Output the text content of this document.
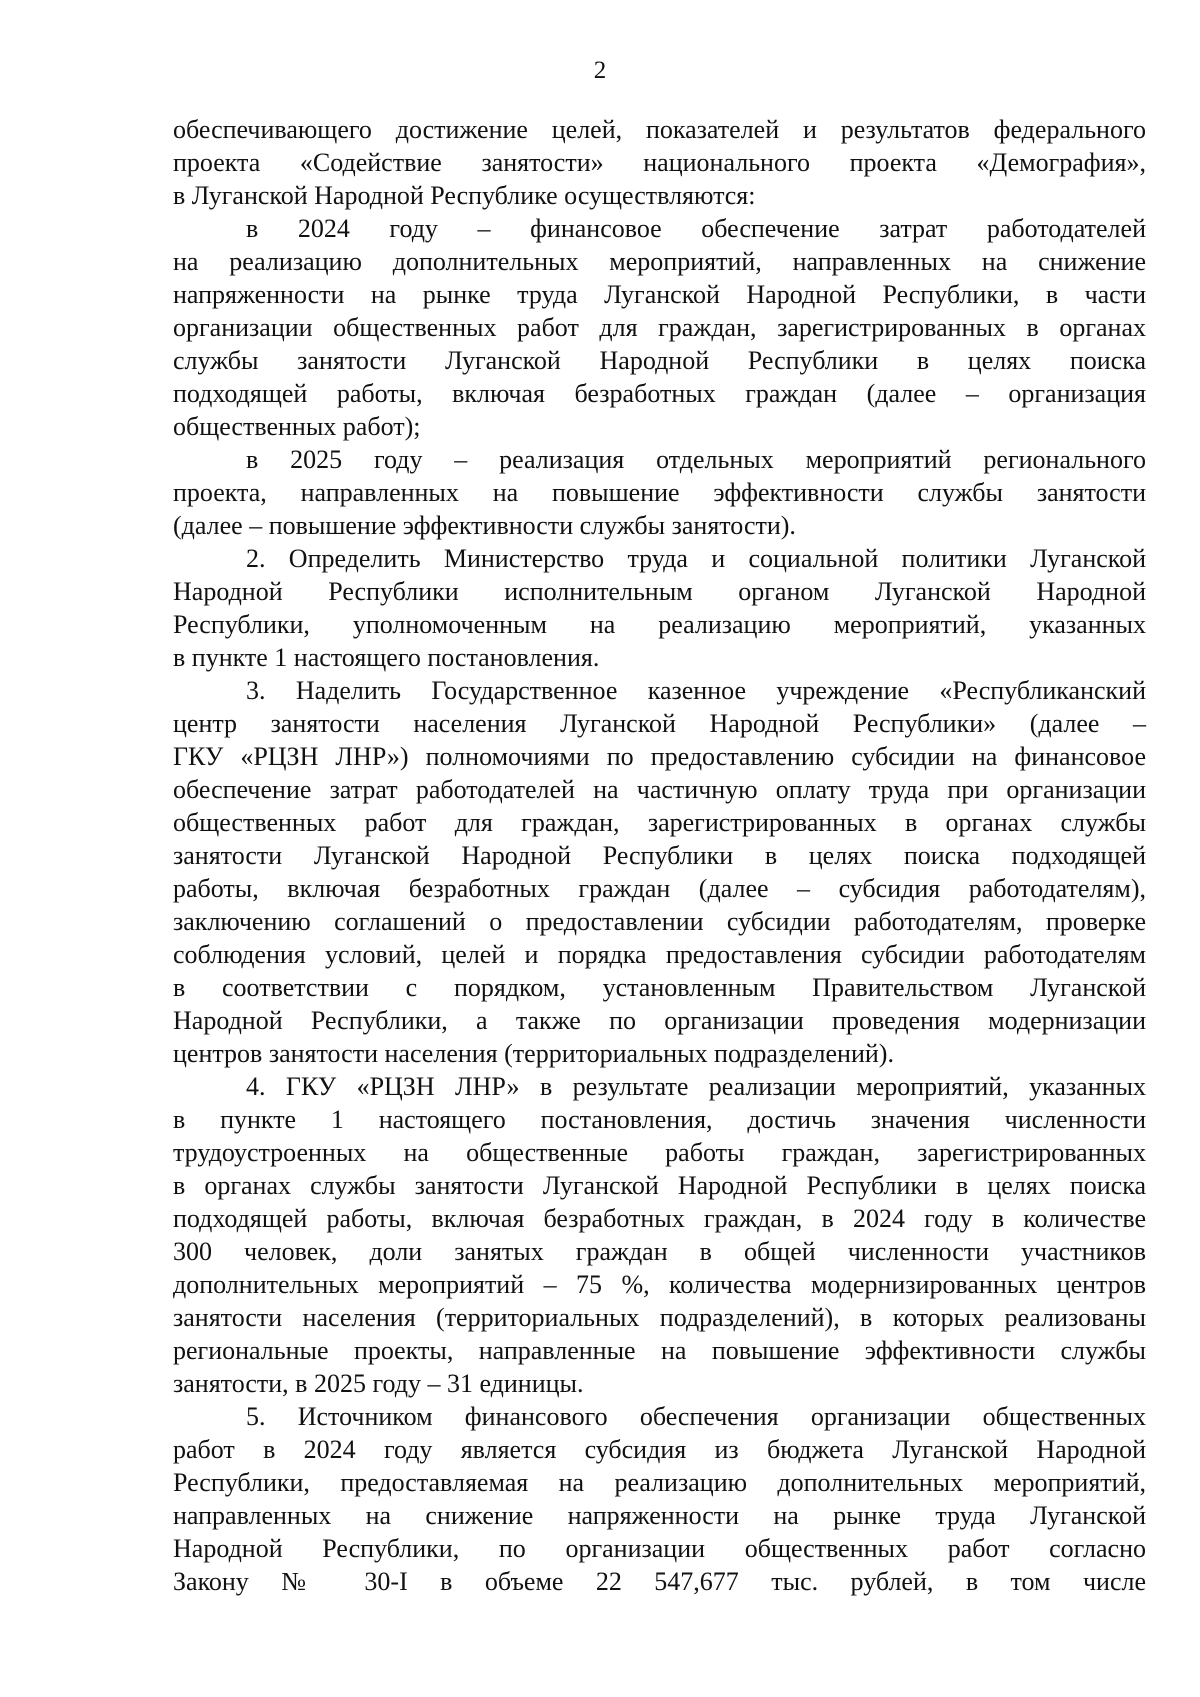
2
обеспечивающего достижение целей, показателей и результатов федерального
проекта «Содействие занятости» национального проекта «Демография»,
в Луганской Народной Республике осуществляются:
в 2024 году – финансовое обеспечение затрат работодателей
на реализацию дополнительных мероприятий, направленных на снижение
напряженности на рынке труда Луганской Народной Республики, в части
организации общественных работ для граждан, зарегистрированных в органах
службы занятости Луганской Народной Республики в целях поиска
подходящей работы, включая безработных граждан (далее – организация
общественных работ);
в 2025 году – реализация отдельных мероприятий регионального
проекта, направленных на повышение эффективности службы занятости
(далее – повышение эффективности службы занятости).
2. Определить Министерство труда и социальной политики Луганской
Народной Республики исполнительным органом Луганской Народной
Республики, уполномоченным на реализацию мероприятий, указанных
в пункте 1 настоящего постановления.
3. Наделить Государственное казенное учреждение «Республиканский
центр занятости населения Луганской Народной Республики» (далее –
ГКУ «РЦЗН ЛНР») полномочиями по предоставлению субсидии на финансовое
обеспечение затрат работодателей на частичную оплату труда при организации
общественных работ для граждан, зарегистрированных в органах службы
занятости Луганской Народной Республики в целях поиска подходящей
работы, включая безработных граждан (далее – субсидия работодателям),
заключению соглашений о предоставлении субсидии работодателям, проверке
соблюдения условий, целей и порядка предоставления субсидии работодателям
в соответствии с порядком, установленным Правительством Луганской
Народной Республики, а также по организации проведения модернизации
центров занятости населения (территориальных подразделений).
4. ГКУ «РЦЗН ЛНР» в результате реализации мероприятий, указанных
в пункте 1 настоящего постановления, достичь значения численности
трудоустроенных на общественные работы граждан, зарегистрированных
в органах службы занятости Луганской Народной Республики в целях поиска
подходящей работы, включая безработных граждан, в 2024 году в количестве
300 человек, доли занятых граждан в общей численности участников
дополнительных мероприятий – 75 %, количества модернизированных центров
занятости населения (территориальных подразделений), в которых реализованы
региональные проекты, направленные на повышение эффективности службы
занятости, в 2025 году – 31 единицы.
5. Источником финансового обеспечения организации общественных
работ в 2024 году является субсидия из бюджета Луганской Народной
Республики, предоставляемая на реализацию дополнительных мероприятий,
направленных на снижение напряженности на рынке труда Луганской
Народной Республики, по организации общественных работ согласно
Закону № 30-I в объеме 22 547,677 тыс. рублей, в том числе
